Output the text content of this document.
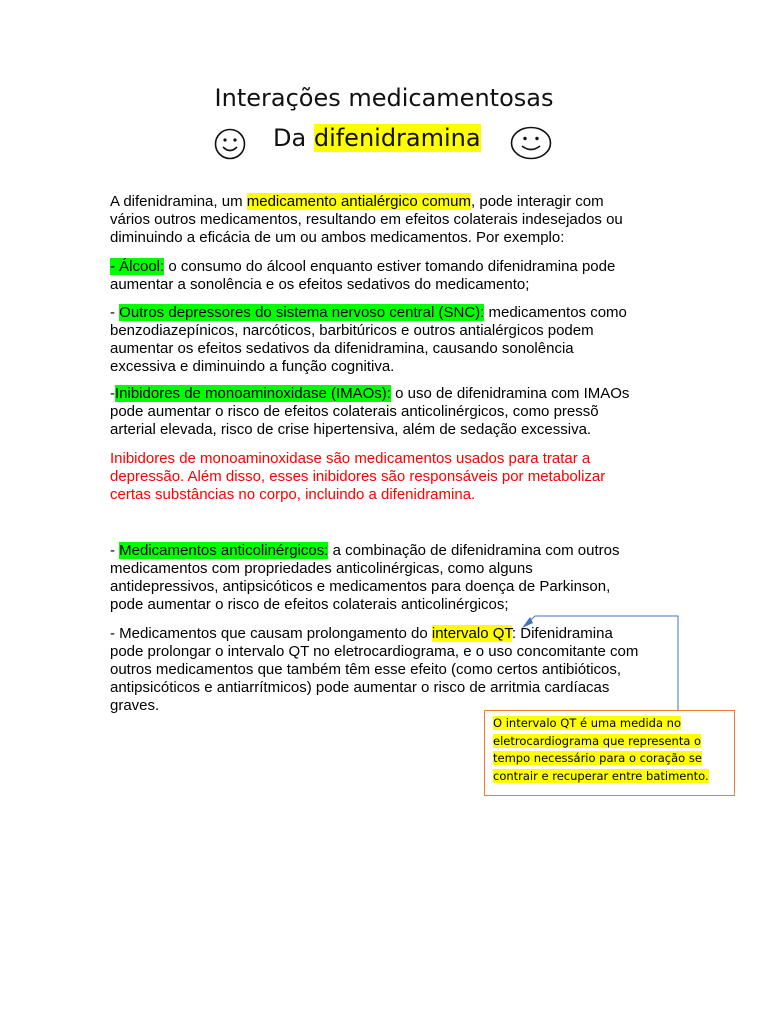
Interações medicamentosas
Da difenidramina

A difenidramina, um medicamento antialérgico comum, pode interagir com

vários outros medicamentos, resultando em efeitos colaterais indesejados ou

diminuindo a eficácia de um ou ambos medicamentos. Por exemplo:

- Álcool: o consumo do álcool enquanto estiver tomando difenidramina pode

aumentar a sonolência e os efeitos sedativos do medicamento;

- Outros depressores do sistema nervoso central (SNC): medicamentos como

benzodiazepínicos, narcóticos, barbitúricos e outros antialérgicos podem

aumentar os efeitos sedativos da difenidramina, causando sonolência

excessiva e diminuindo a função cognitiva.

-Inibidores de monoaminoxidase (IMAOs): o uso de difenidramina com IMAOs

pode aumentar o risco de efeitos colaterais anticolinérgicos, como pressõ

arterial elevada, risco de crise hipertensiva, além de sedação excessiva.

Inibidores de monoaminoxidase são medicamentos usados para tratar a

depressão. Além disso, esses inibidores são responsáveis por metabolizar

certas substâncias no corpo, incluindo a difenidramina.

- Medicamentos anticolinérgicos: a combinação de difenidramina com outros

medicamentos com propriedades anticolinérgicas, como alguns

antidepressivos, antipsicóticos e medicamentos para doença de Parkinson,

pode aumentar o risco de efeitos colaterais anticolinérgicos;

- Medicamentos que causam prolongamento do intervalo QT: Difenidramina

pode prolongar o intervalo QT no eletrocardiograma, e o uso concomitante com

outros medicamentos que também têm esse efeito (como certos antibióticos,

antipsicóticos e antiarrítmicos) pode aumentar o risco de arritmia cardíacas

graves.

O intervalo QT é uma medida no
eletrocardiograma que representa o
tempo necessário para o coração se
contrair e recuperar entre batimento.
